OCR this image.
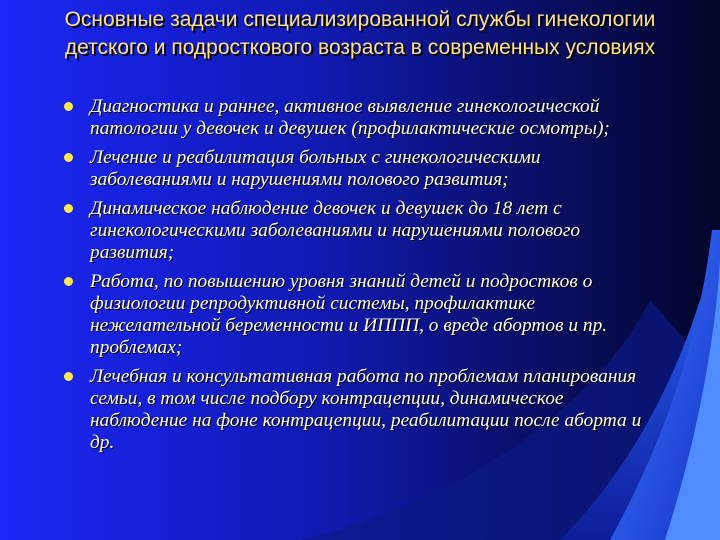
Основные задачи специализированной службы гинекологии детского и подросткового возраста в современных условиях
Диагностика и раннее, активное выявление гинекологической патологии у девочек и девушек (профилактические осмотры);
Лечение и реабилитация больных с гинекологическими заболеваниями и нарушениями полового развития;
Динамическое наблюдение девочек и девушек до 18 лет с гинекологическими заболеваниями и нарушениями полового развития;
Работа, по повышению уровня знаний детей и подростков о физиологии репродуктивной системы, профилактике нежелательной беременности и ИППП, о вреде абортов и пр. проблемах;
Лечебная и консультативная работа по проблемам планирования семьи, в том числе подбору контрацепции, динамическое наблюдение на фоне контрацепции, реабилитации после аборта и др.
